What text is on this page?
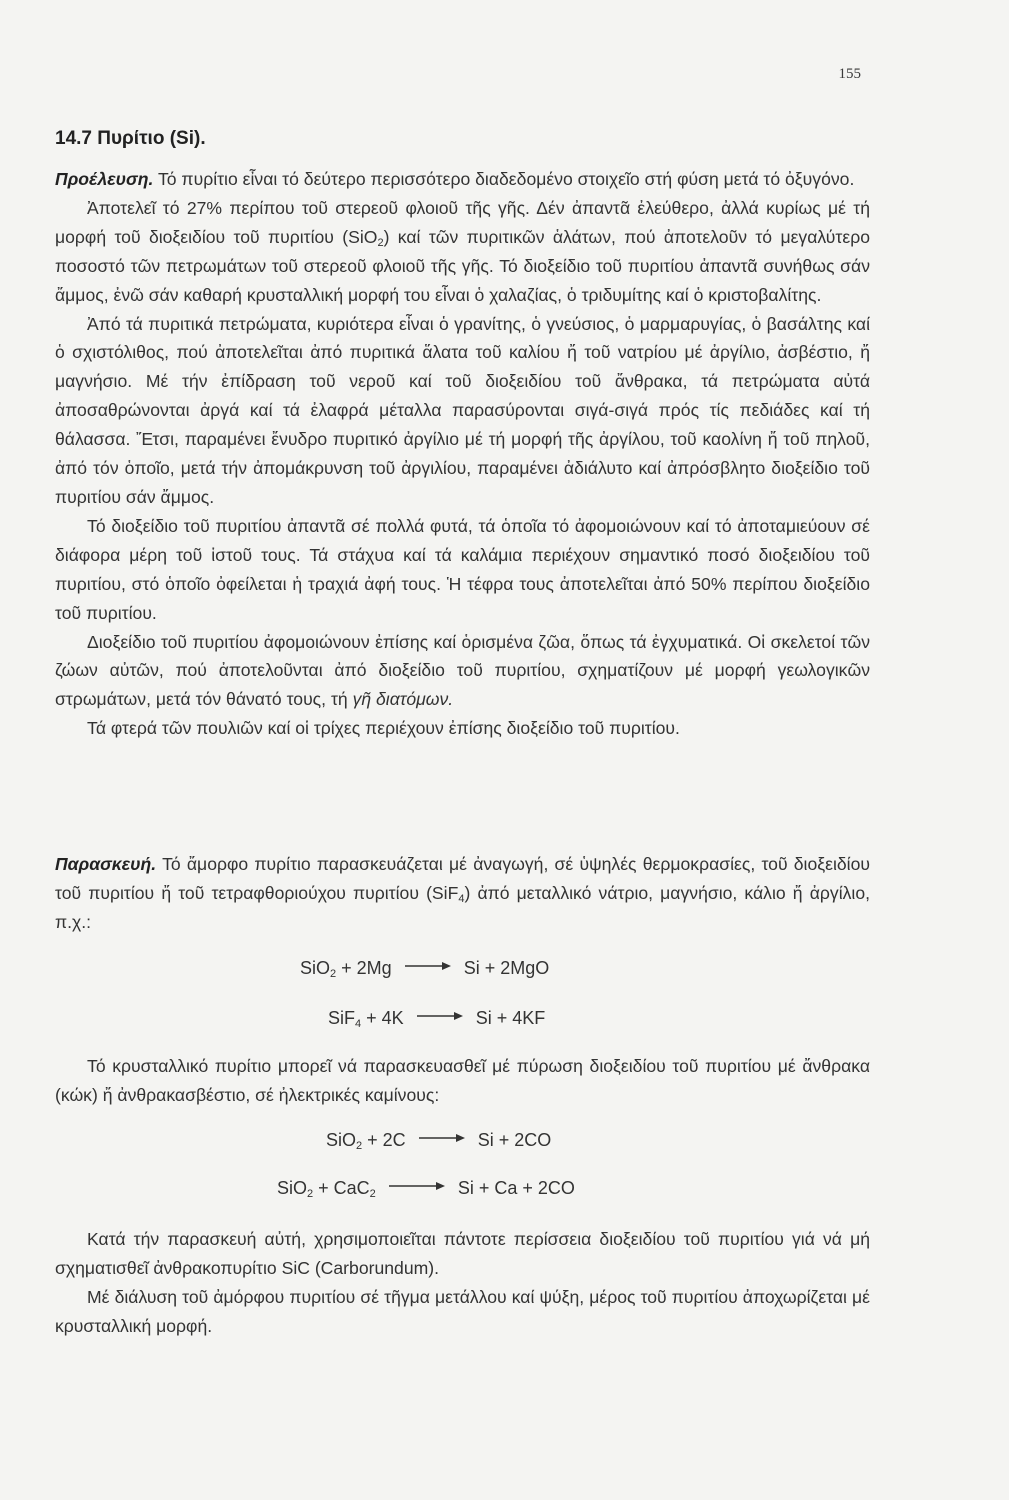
155
14.7 Πυρίτιο (Si).

Προέλευση. Τό πυρίτιο εἶναι τό δεύτερο περισσότερο διαδεδομένο στοιχεῖο στή φύση μετά τό ὀξυγόνο.

Ἀποτελεῖ τό 27% περίπου τοῦ στερεοῦ φλοιοῦ τῆς γῆς. Δέν ἀπαντᾶ ἐλεύθερο, ἀλλά κυρίως μέ τή μορφή τοῦ διοξειδίου τοῦ πυριτίου (SiO$_2$) καί τῶν πυριτικῶν ἁλάτων, πού ἀποτελοῦν τό μεγαλύτερο ποσοστό τῶν πετρωμάτων τοῦ στερεοῦ φλοιοῦ τῆς γῆς. Τό διοξείδιο τοῦ πυριτίου ἀπαντᾶ συνήθως σάν ἄμμος, ἐνῶ σάν καθαρή κρυσταλλική μορφή του εἶναι ὁ χαλαζίας, ὁ τριδυμίτης καί ὁ κριστοβαλίτης.

Ἀπό τά πυριτικά πετρώματα, κυριότερα εἶναι ὁ γρανίτης, ὁ γνεύσιος, ὁ μαρμαρυγίας, ὁ βασάλτης καί ὁ σχιστόλιθος, πού ἀποτελεῖται ἀπό πυριτικά ἅλατα τοῦ καλίου ἤ τοῦ νατρίου μέ ἀργίλιο, ἀσβέστιο, ἤ μαγνήσιο. Μέ τήν ἐπίδραση τοῦ νεροῦ καί τοῦ διοξειδίου τοῦ ἄνθρακα, τά πετρώματα αὐτά ἀποσαθρώνονται ἀργά καί τά ἐλαφρά μέταλλα παρασύρονται σιγά-σιγά πρός τίς πεδιάδες καί τή θάλασσα. Ἔτσι, παραμένει ἔνυδρο πυριτικό ἀργίλιο μέ τή μορφή τῆς ἀργίλου, τοῦ καολίνη ἤ τοῦ πηλοῦ, ἀπό τόν ὁποῖο, μετά τήν ἀπομάκρυνση τοῦ ἀργιλίου, παραμένει ἀδιάλυτο καί ἀπρόσβλητο διοξείδιο τοῦ πυριτίου σάν ἄμμος.

Τό διοξείδιο τοῦ πυριτίου ἀπαντᾶ σέ πολλά φυτά, τά ὁποῖα τό ἀφομοιώνουν καί τό ἀποταμιεύουν σέ διάφορα μέρη τοῦ ἱστοῦ τους. Τά στάχυα καί τά καλάμια περιέχουν σημαντικό ποσό διοξειδίου τοῦ πυριτίου, στό ὁποῖο ὀφείλεται ἡ τραχιά ἀφή τους. Ἡ τέφρα τους ἀποτελεῖται ἀπό 50% περίπου διοξείδιο τοῦ πυριτίου.

Διοξείδιο τοῦ πυριτίου ἀφομοιώνουν ἐπίσης καί ὁρισμένα ζῶα, ὅπως τά ἐγχυματικά. Οἱ σκελετοί τῶν ζώων αὐτῶν, πού ἀποτελοῦνται ἀπό διοξείδιο τοῦ πυριτίου, σχηματίζουν μέ μορφή γεωλογικῶν στρωμάτων, μετά τόν θάνατό τους, τή γῆ διατόμων.

Τά φτερά τῶν πουλιῶν καί οἱ τρίχες περιέχουν ἐπίσης διοξείδιο τοῦ πυριτίου.

Παρασκευή. Τό ἄμορφο πυρίτιο παρασκευάζεται μέ ἀναγωγή, σέ ὑψηλές θερμοκρασίες, τοῦ διοξειδίου τοῦ πυριτίου ἤ τοῦ τετραφθοριούχου πυριτίου (SiF$_4$) ἀπό μεταλλικό νάτριο, μαγνήσιο, κάλιο ἤ ἀργίλιο, π.χ.:

SiO$_2$ + 2Mg → Si + 2MgO
SiF$_4$ + 4K → Si + 4KF

Τό κρυσταλλικό πυρίτιο μπορεῖ νά παρασκευασθεῖ μέ πύρωση διοξειδίου τοῦ πυριτίου μέ ἄνθρακα (κώκ) ἤ ἀνθρακασβέστιο, σέ ἠλεκτρικές καμίνους:

SiO$_2$ + 2C → Si + 2CO
SiO$_2$ + CaC$_2$ → Si + Ca + 2CO

Κατά τήν παρασκευή αὐτή, χρησιμοποιεῖται πάντοτε περίσσεια διοξειδίου τοῦ πυριτίου γιά νά μή σχηματισθεῖ ἀνθρακοπυρίτιο SiC (Carborundum).

Μέ διάλυση τοῦ ἀμόρφου πυριτίου σέ τῆγμα μετάλλου καί ψύξη, μέρος τοῦ πυριτίου ἀποχωρίζεται μέ κρυσταλλική μορφή.
